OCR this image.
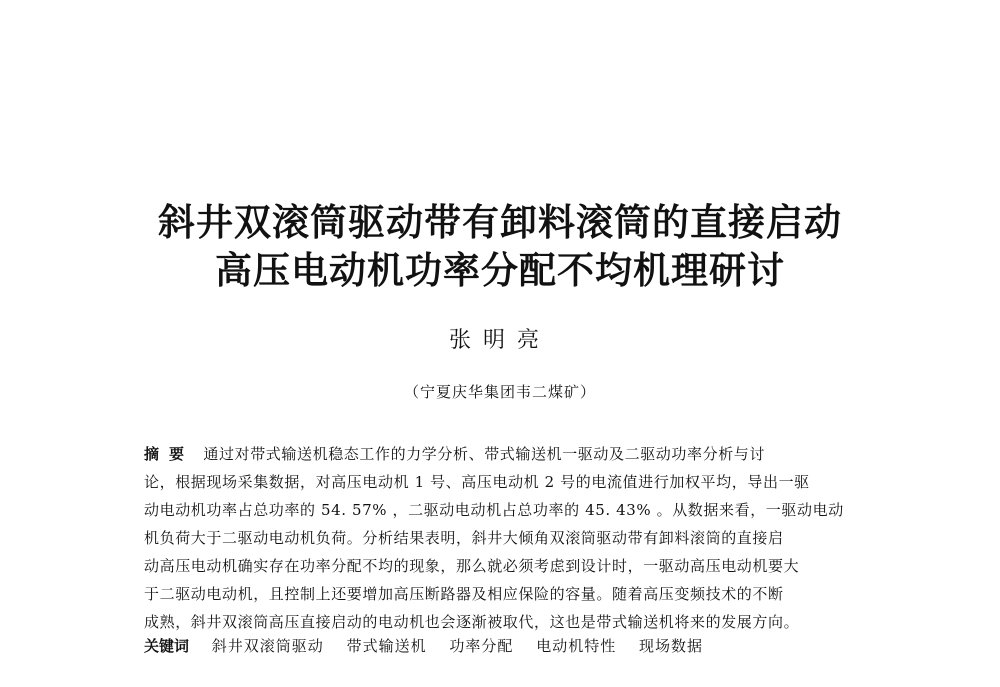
斜井双滚筒驱动带有卸料滚筒的直接启动
高压电动机功率分配不均机理研讨
张明亮
（宁夏庆华集团韦二煤矿）
摘要 通过对带式输送机稳态工作的力学分析、带式输送机一驱动及二驱动功率分析与讨
论，根据现场采集数据，对高压电动机 1 号、高压电动机 2 号的电流值进行加权平均，导出一驱
动电动机功率占总功率的 54. 57% ，二驱动电动机占总功率的 45. 43% 。从数据来看，一驱动电动
机负荷大于二驱动电动机负荷。分析结果表明，斜井大倾角双滚筒驱动带有卸料滚筒的直接启
动高压电动机确实存在功率分配不均的现象，那么就必须考虑到设计时，一驱动高压电动机要大
于二驱动电动机，且控制上还要增加高压断路器及相应保险的容量。随着高压变频技术的不断
成熟，斜井双滚筒高压直接启动的电动机也会逐渐被取代，这也是带式输送机将来的发展方向。
关键词 斜井双滚筒驱动 带式输送机 功率分配 电动机特性 现场数据
